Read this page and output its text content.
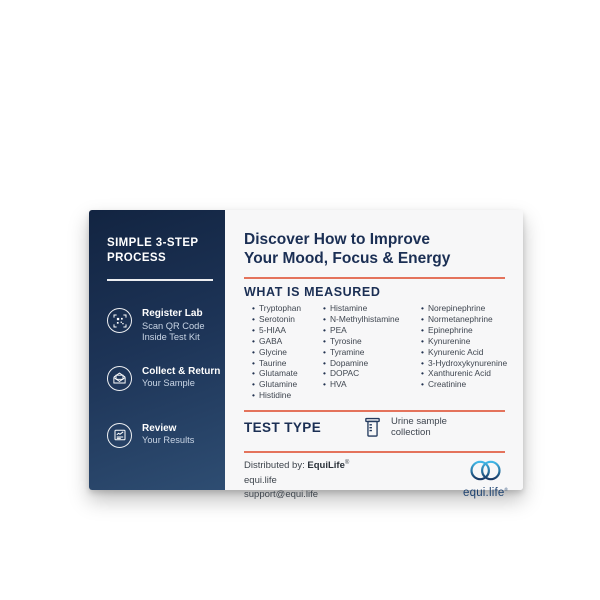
SIMPLE 3-STEP PROCESS
Register Lab
Scan QR Code Inside Test Kit
Collect & Return
Your Sample
Review
Your Results
Discover How to Improve
Your Mood, Focus & Energy
WHAT IS MEASURED
• Tryptophan
• Serotonin
• 5-HIAA
• GABA
• Glycine
• Taurine
• Glutamate
• Glutamine
• Histidine
• Histamine
• N-Methylhistamine
• PEA
• Tyrosine
• Tyramine
• Dopamine
• DOPAC
• HVA
• Norepinephrine
• Normetanephrine
• Epinephrine
• Kynurenine
• Kynurenic Acid
• 3-Hydroxykynurenine
• Xanthurenic Acid
• Creatinine
TEST TYPE	Urine sample collection
Distributed by: EquiLife®
equi.life
support@equi.life	equi.life®
